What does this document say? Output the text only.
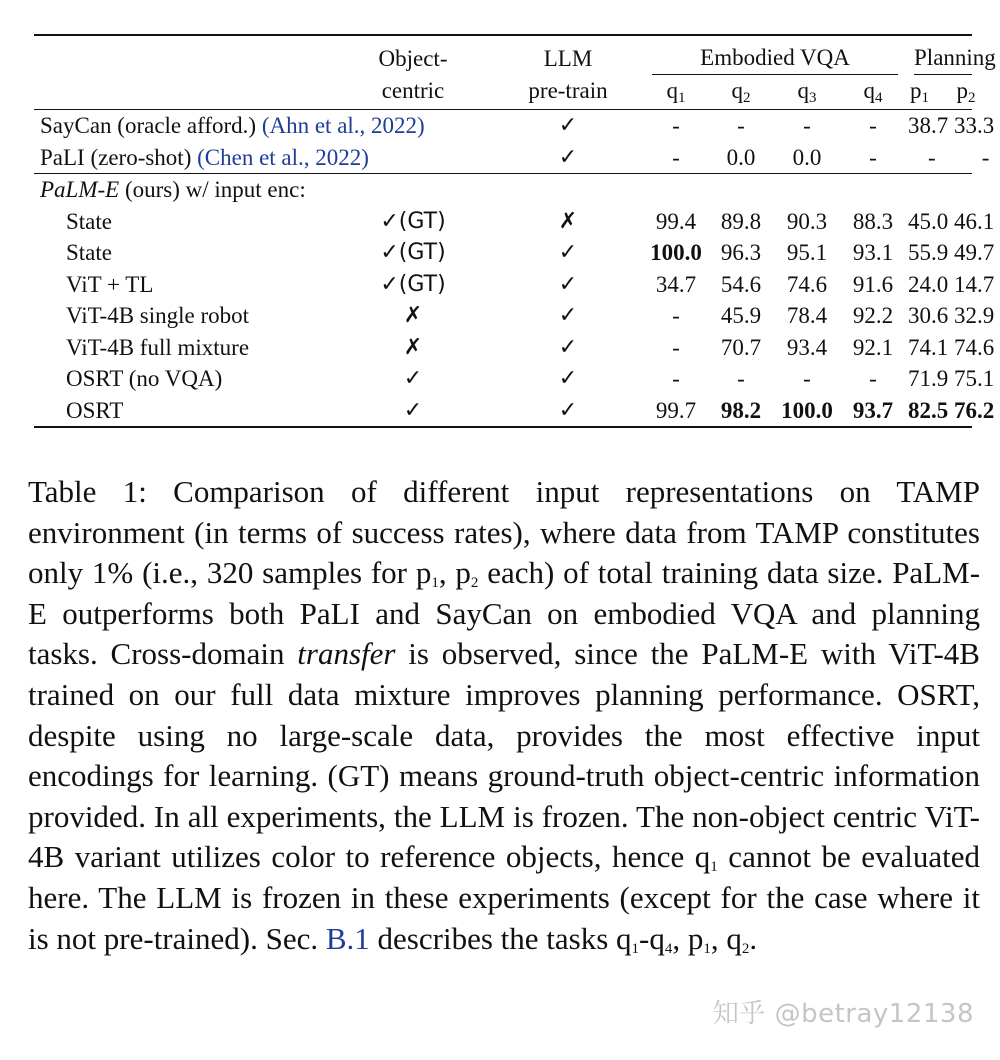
	Object-	LLM	Embodied VQA				Planning

	centric	pre-train	$q_1$	$q_2$	$q_3$	$q_4$	$p_1$ $p_2$
SayCan (oracle afford.) (Ahn et al., 2022)		✓	-	-	-	-	38.7 33.3
PaLI (zero-shot) (Chen et al., 2022)		✓	-	0.0	0.0	-	- -
PaLM-E (ours) w/ input enc:							
State	✓(GT)	✗	99.4	89.8	90.3	88.3	45.0 46.1
State	✓(GT)	✓	100.0	96.3	95.1	93.1	55.9 49.7
ViT + TL	✓(GT)	✓	34.7	54.6	74.6	91.6	24.0 14.7
ViT-4B single robot	✗	✓	-	45.9	78.4	92.2	30.6 32.9
ViT-4B full mixture	✗	✓	-	70.7	93.4	92.1	74.1 74.6
OSRT (no VQA)	✓	✓	-	-	-	-	71.9 75.1
OSRT	✓	✓	99.7	98.2	100.0	93.7	82.5 76.2

Table 1: Comparison of different input representations on TAMP environment (in terms of success rates), where data from TAMP constitutes only 1% (i.e., 320 samples for $p_1$, $p_2$ each) of total training data size. PaLM-E outperforms both PaLI and SayCan on embodied VQA and planning tasks. Cross-domain transfer is observed, since the PaLM-E with ViT-4B trained on our full data mixture improves planning performance. OSRT, despite using no large-scale data, provides the most effective input encodings for learning. (GT) means ground-truth object-centric information provided. In all experiments, the LLM is frozen. The non-object centric ViT-4B variant utilizes color to reference objects, hence $q_1$ cannot be evaluated here. The LLM is frozen in these experiments (except for the case where it is not pre-trained). Sec. B.1 describes the tasks $q_1-q_4$, $p_1$, $q_2$.

知乎 @betray12138
